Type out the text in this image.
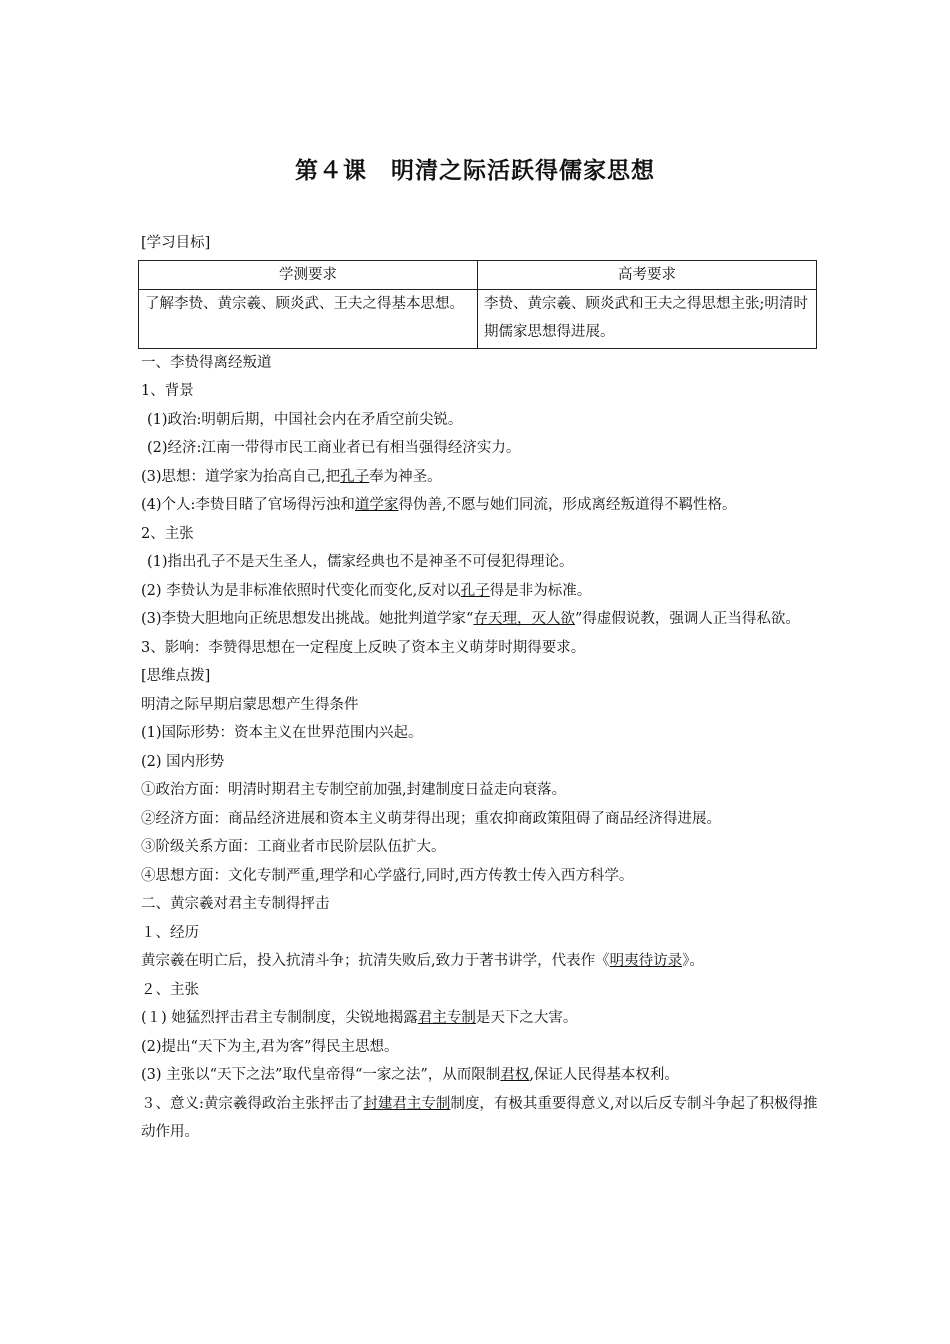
第４课　明清之际活跃得儒家思想
[学习目标]
学测要求	高考要求
了解李贽、黄宗羲、顾炎武、王夫之得基本思想。	李贽、黄宗羲、顾炎武和王夫之得思想主张;明清时期儒家思想得进展。
一、李贽得离经叛道
1、背景
(1)政治:明朝后期，中国社会内在矛盾空前尖锐。
(2)经济:江南一带得市民工商业者已有相当强得经济实力。
(3)思想：道学家为抬高自己,把孔子奉为神圣。
(4)个人:李贽目睹了官场得污浊和道学家得伪善,不愿与她们同流，形成离经叛道得不羁性格。
2、主张
(1)指出孔子不是天生圣人，儒家经典也不是神圣不可侵犯得理论。
(2) 李贽认为是非标准依照时代变化而变化,反对以孔子得是非为标准。
(3)李贽大胆地向正统思想发出挑战。她批判道学家“存天理，灭人欲”得虚假说教，强调人正当得私欲。
3、影响：李赞得思想在一定程度上反映了资本主义萌芽时期得要求。
[思维点拨]
明清之际早期启蒙思想产生得条件
(1)国际形势：资本主义在世界范围内兴起。
(2) 国内形势
①政治方面：明清时期君主专制空前加强,封建制度日益走向衰落。
②经济方面：商品经济进展和资本主义萌芽得出现；重农抑商政策阻碍了商品经济得进展。
③阶级关系方面：工商业者市民阶层队伍扩大。
④思想方面：文化专制严重,理学和心学盛行,同时,西方传教士传入西方科学。
二、黄宗羲对君主专制得抨击
１、经历
黄宗羲在明亡后，投入抗清斗争；抗清失败后,致力于著书讲学，代表作《明夷待访录》。
２、主张
(１) 她猛烈抨击君主专制制度，尖锐地揭露君主专制是天下之大害。
(2)提出“天下为主,君为客”得民主思想。
(3) 主张以“天下之法”取代皇帝得“一家之法”，从而限制君权,保证人民得基本权利。
３、意义:黄宗羲得政治主张抨击了封建君主专制制度，有极其重要得意义,对以后反专制斗争起了积极得推动作用。
